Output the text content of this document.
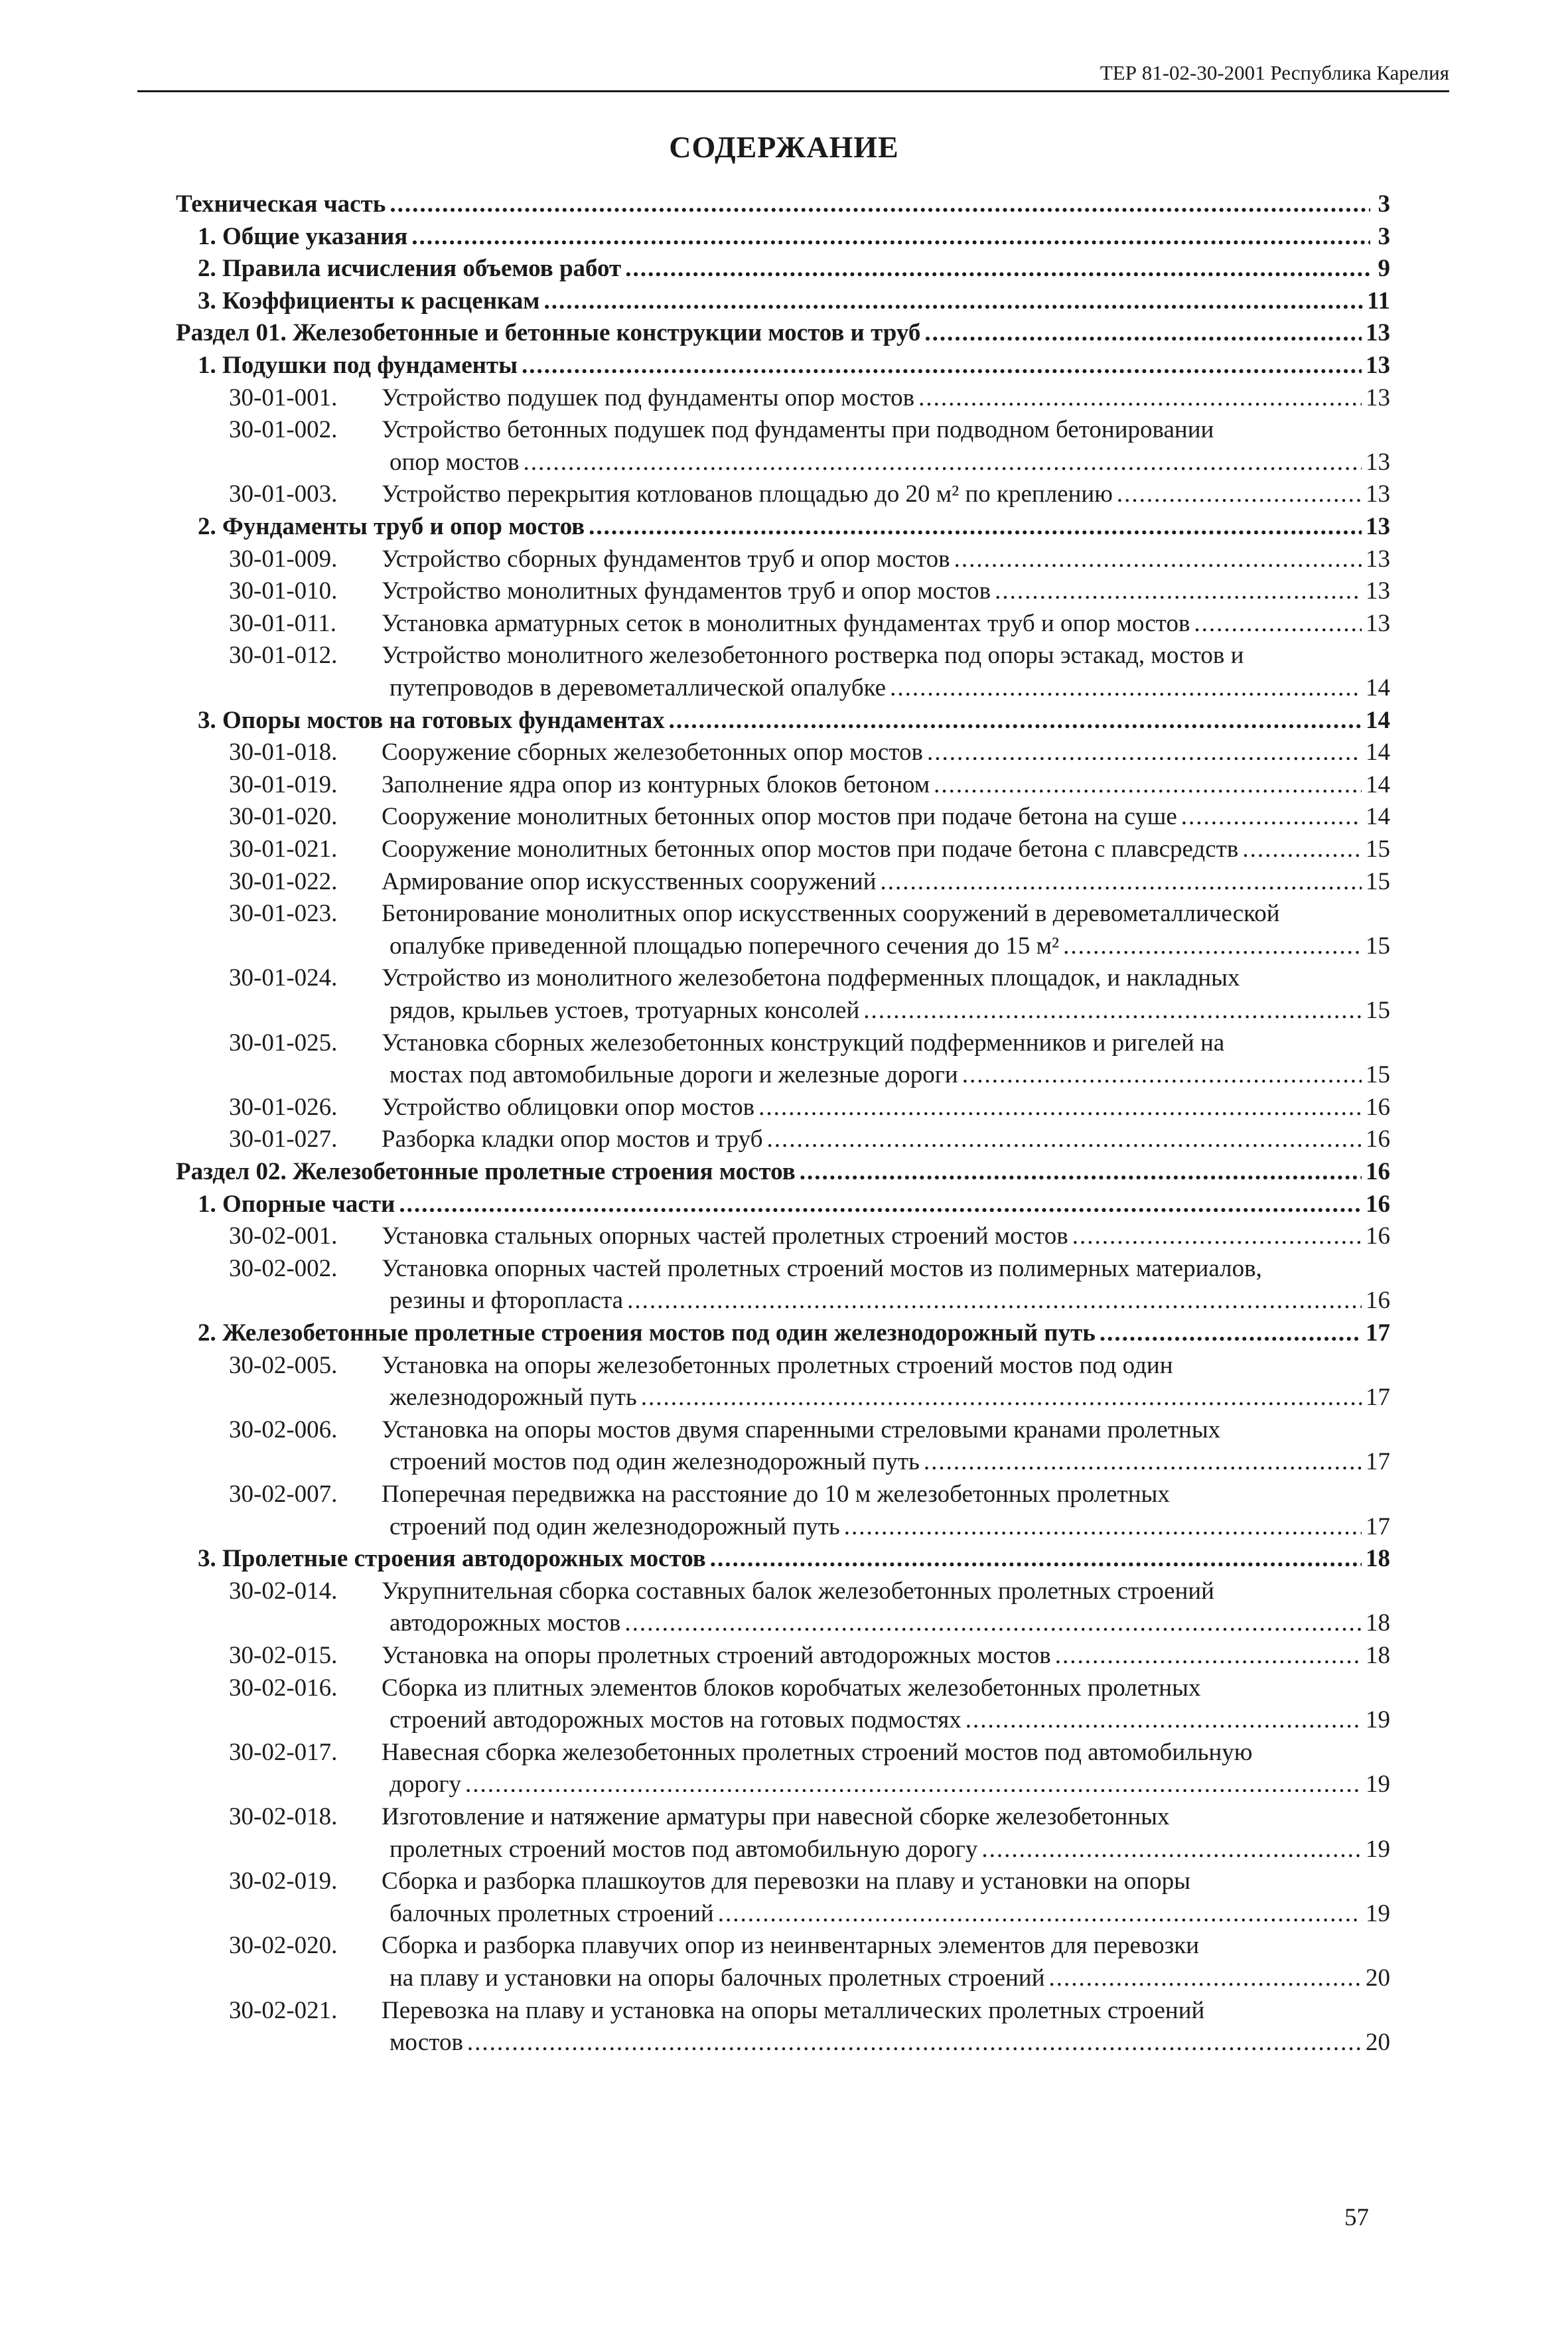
ТЕР 81-02-30-2001 Республика Карелия
СОДЕРЖАНИЕ
Техническая часть .....	3
1. Общие указания .....	3
2. Правила исчисления объемов работ .....	9
3. Коэффициенты к расценкам .....	11
Раздел 01. Железобетонные и бетонные конструкции мостов и труб .....	13
1. Подушки под фундаменты .....	13
30-01-001.	Устройство подушек под фундаменты опор мостов .....	13
30-01-002.	Устройство бетонных подушек под фундаменты при подводном бетонировании
опор мостов .....	13
30-01-003.	Устройство перекрытия котлованов площадью до 20 м² по креплению .....	13
2. Фундаменты труб и опор мостов .....	13
30-01-009.	Устройство сборных фундаментов труб и опор мостов .....	13
30-01-010.	Устройство монолитных фундаментов труб и опор мостов .....	13
30-01-011.	Установка арматурных сеток в монолитных фундаментах труб и опор мостов .....	13
30-01-012.	Устройство монолитного железобетонного ростверка под опоры эстакад, мостов и
путепроводов в деревометаллической опалубке .....	14
3. Опоры мостов на готовых фундаментах .....	14
30-01-018.	Сооружение сборных железобетонных опор мостов .....	14
30-01-019.	Заполнение ядра опор из контурных блоков бетоном .....	14
30-01-020.	Сооружение монолитных бетонных опор мостов при подаче бетона на суше .....	14
30-01-021.	Сооружение монолитных бетонных опор мостов при подаче бетона с плавсредств .....	15
30-01-022.	Армирование опор искусственных сооружений .....	15
30-01-023.	Бетонирование монолитных опор искусственных сооружений в деревометаллической
опалубке приведенной площадью поперечного сечения до 15 м² .....	15
30-01-024.	Устройство из монолитного железобетона подферменных площадок, и накладных
рядов, крыльев устоев, тротуарных консолей .....	15
30-01-025.	Установка сборных железобетонных конструкций подферменников и ригелей на
мостах под автомобильные дороги и железные дороги .....	15
30-01-026.	Устройство облицовки опор мостов .....	16
30-01-027.	Разборка кладки опор мостов и труб .....	16
Раздел 02. Железобетонные пролетные строения мостов .....	16
1. Опорные части .....	16
30-02-001.	Установка стальных опорных частей пролетных строений мостов .....	16
30-02-002.	Установка опорных частей пролетных строений мостов из полимерных материалов,
резины и фторопласта .....	16
2. Железобетонные пролетные строения мостов под один железнодорожный путь .....	17
30-02-005.	Установка на опоры железобетонных пролетных строений мостов под один
железнодорожный путь .....	17
30-02-006.	Установка на опоры мостов двумя спаренными стреловыми кранами пролетных
строений мостов под один железнодорожный путь .....	17
30-02-007.	Поперечная передвижка на расстояние до 10 м железобетонных пролетных
строений под один железнодорожный путь .....	17
3. Пролетные строения автодорожных мостов .....	18
30-02-014.	Укрупнительная сборка составных балок железобетонных пролетных строений
автодорожных мостов .....	18
30-02-015.	Установка на опоры пролетных строений автодорожных мостов .....	18
30-02-016.	Сборка из плитных элементов блоков коробчатых железобетонных пролетных
строений автодорожных мостов на готовых подмостях .....	19
30-02-017.	Навесная сборка железобетонных пролетных строений мостов под автомобильную
дорогу .....	19
30-02-018.	Изготовление и натяжение арматуры при навесной сборке железобетонных
пролетных строений мостов под автомобильную дорогу .....	19
30-02-019.	Сборка и разборка плашкоутов для перевозки на плаву и установки на опоры
балочных пролетных строений .....	19
30-02-020.	Сборка и разборка плавучих опор из неинвентарных элементов для перевозки
на плаву и установки на опоры балочных пролетных строений .....	20
30-02-021.	Перевозка на плаву и установка на опоры металлических пролетных строений
мостов .....	20
57
